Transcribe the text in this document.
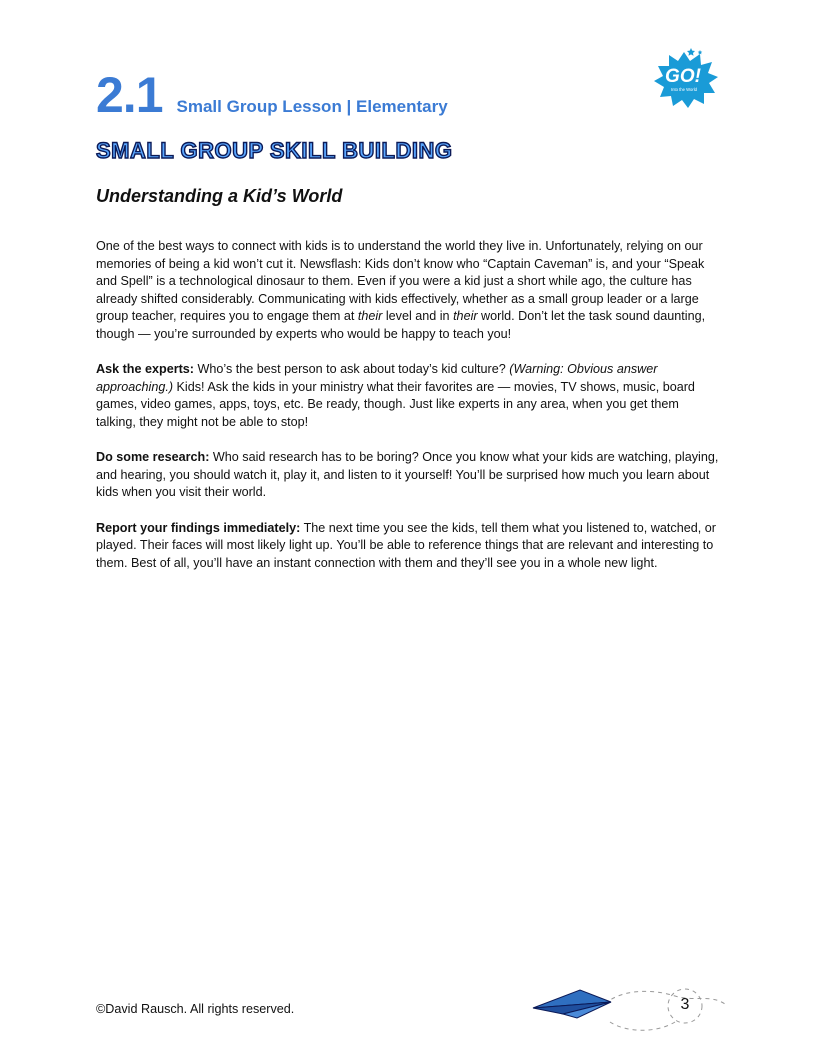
2.1 Small Group Lesson | Elementary
GO!
Into the World
SMALL GROUP SKILL BUILDING
Understanding a Kid’s World

One of the best ways to connect with kids is to understand the world they live in. Unfortunately, relying on our memories of being a kid won’t cut it. Newsflash: Kids don’t know who “Captain Caveman” is, and your “Speak and Spell” is a technological dinosaur to them. Even if you were a kid just a short while ago, the culture has already shifted considerably. Communicating with kids effectively, whether as a small group leader or a large group teacher, requires you to engage them at their level and in their world. Don’t let the task sound daunting, though — you’re surrounded by experts who would be happy to teach you!

Ask the experts: Who’s the best person to ask about today’s kid culture? (Warning: Obvious answer approaching.) Kids! Ask the kids in your ministry what their favorites are — movies, TV shows, music, board games, video games, apps, toys, etc. Be ready, though. Just like experts in any area, when you get them talking, they might not be able to stop!

Do some research: Who said research has to be boring? Once you know what your kids are watching, playing, and hearing, you should watch it, play it, and listen to it yourself! You’ll be surprised how much you learn about kids when you visit their world.

Report your findings immediately: The next time you see the kids, tell them what you listened to, watched, or played. Their faces will most likely light up. You’ll be able to reference things that are relevant and interesting to them. Best of all, you’ll have an instant connection with them and they’ll see you in a whole new light.

©David Rausch. All rights reserved.	3
